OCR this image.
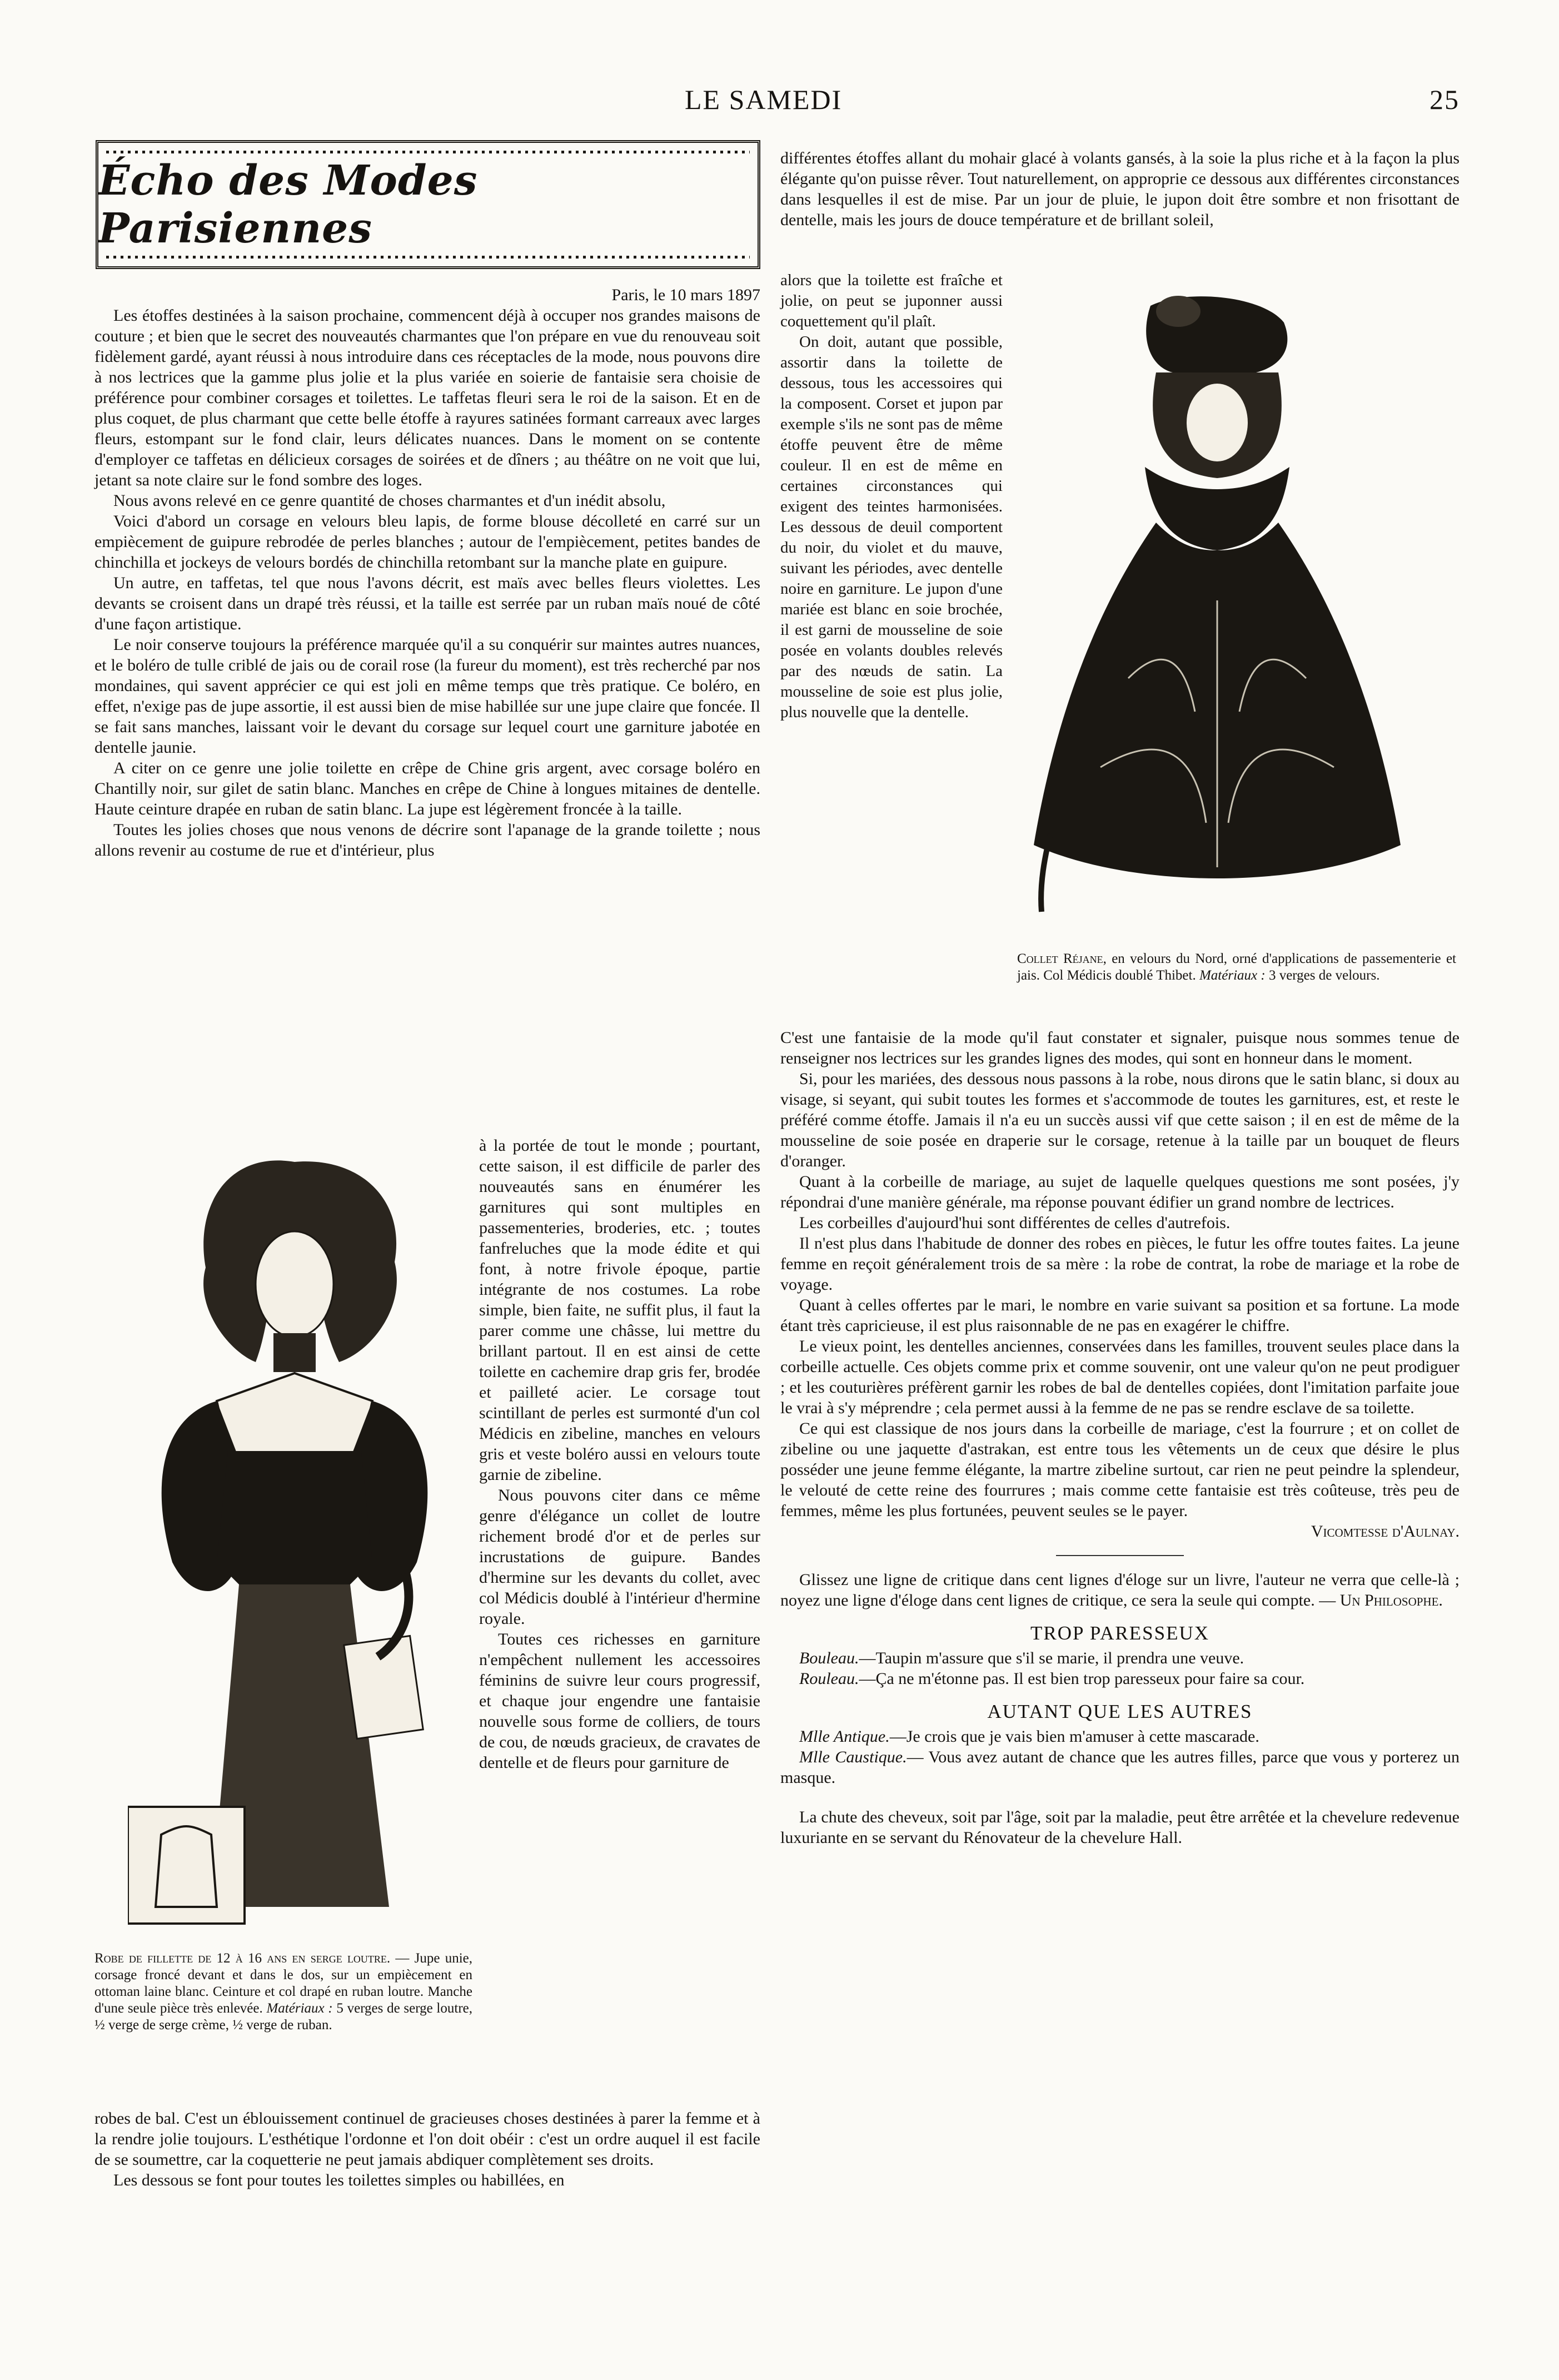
LE SAMEDI	25
Écho des Modes Parisiennes

Paris, le 10 mars 1897

Les étoffes destinées à la saison prochaine, commencent déjà à occuper nos grandes maisons de couture ; et bien que le secret des nouveautés charmantes que l'on prépare en vue du renouveau soit fidèlement gardé, ayant réussi à nous introduire dans ces réceptacles de la mode, nous pouvons dire à nos lectrices que la gamme plus jolie et la plus variée en soierie de fantaisie sera choisie de préférence pour combiner corsages et toilettes. Le taffetas fleuri sera le roi de la saison. Et en de plus coquet, de plus charmant que cette belle étoffe à rayures satinées formant carreaux avec larges fleurs, estompant sur le fond clair, leurs délicates nuances. Dans le moment on se contente d'employer ce taffetas en délicieux corsages de soirées et de dîners ; au théâtre on ne voit que lui, jetant sa note claire sur le fond sombre des loges.

Nous avons relevé en ce genre quantité de choses charmantes et d'un inédit absolu,

Voici d'abord un corsage en velours bleu lapis, de forme blouse décolleté en carré sur un empiècement de guipure rebrodée de perles blanches ; autour de l'empiècement, petites bandes de chinchilla et jockeys de velours bordés de chinchilla retombant sur la manche plate en guipure.

Un autre, en taffetas, tel que nous l'avons décrit, est maïs avec belles fleurs violettes. Les devants se croisent dans un drapé très réussi, et la taille est serrée par un ruban maïs noué de côté d'une façon artistique.

Le noir conserve toujours la préférence marquée qu'il a su conquérir sur maintes autres nuances, et le boléro de tulle criblé de jais ou de corail rose (la fureur du moment), est très recherché par nos mondaines, qui savent apprécier ce qui est joli en même temps que très pratique. Ce boléro, en effet, n'exige pas de jupe assortie, il est aussi bien de mise habillée sur une jupe claire que foncée. Il se fait sans manches, laissant voir le devant du corsage sur lequel court une garniture jabotée en dentelle jaunie.

A citer on ce genre une jolie toilette en crêpe de Chine gris argent, avec corsage boléro en Chantilly noir, sur gilet de satin blanc. Manches en crêpe de Chine à longues mitaines de dentelle. Haute ceinture drapée en ruban de satin blanc. La jupe est légèrement froncée à la taille.

Toutes les jolies choses que nous venons de décrire sont l'apanage de la grande toilette ; nous allons revenir au costume de rue et d'intérieur, plus

à la portée de tout le monde ; pourtant, cette saison, il est difficile de parler des nouveautés sans en énumérer les garnitures qui sont multiples en passementeries, broderies, etc. ; toutes fanfreluches que la mode édite et qui font, à notre frivole époque, partie intégrante de nos costumes. La robe simple, bien faite, ne suffit plus, il faut la parer comme une châsse, lui mettre du brillant partout. Il en est ainsi de cette toilette en cachemire drap gris fer, brodée et pailleté acier. Le corsage tout scintillant de perles est surmonté d'un col Médicis en zibeline, manches en velours gris et veste boléro aussi en velours toute garnie de zibeline.

Nous pouvons citer dans ce même genre d'élégance un collet de loutre richement brodé d'or et de perles sur incrustations de guipure. Bandes d'hermine sur les devants du collet, avec col Médicis doublé à l'intérieur d'hermine royale.

Toutes ces richesses en garniture n'empêchent nullement les accessoires féminins de suivre leur cours progressif, et chaque jour engendre une fantaisie nouvelle sous forme de colliers, de tours de cou, de nœuds gracieux, de cravates de dentelle et de fleurs pour garniture de

Robe de fillette de 12 à 16 ans en serge loutre. — Jupe unie, corsage froncé devant et dans le dos, sur un empiècement en ottoman laine blanc. Ceinture et col drapé en ruban loutre. Manche d'une seule pièce très enlevée. Matériaux : 5 verges de serge loutre, ½ verge de serge crème, ½ verge de ruban.

robes de bal. C'est un éblouissement continuel de gracieuses choses destinées à parer la femme et à la rendre jolie toujours. L'esthétique l'ordonne et l'on doit obéir : c'est un ordre auquel il est facile de se soumettre, car la coquetterie ne peut jamais abdiquer complètement ses droits.

Les dessous se font pour toutes les toilettes simples ou habillées, en

différentes étoffes allant du mohair glacé à volants gansés, à la soie la plus riche et à la façon la plus élégante qu'on puisse rêver. Tout naturellement, on approprie ce dessous aux différentes circonstances dans lesquelles il est de mise. Par un jour de pluie, le jupon doit être sombre et non frisottant de dentelle, mais les jours de douce température et de brillant soleil,

alors que la toilette est fraîche et jolie, on peut se juponner aussi coquettement qu'il plaît.

On doit, autant que possible, assortir dans la toilette de dessous, tous les accessoires qui la composent. Corset et jupon par exemple s'ils ne sont pas de même étoffe peuvent être de même couleur. Il en est de même en certaines circonstances qui exigent des teintes harmonisées. Les dessous de deuil comportent du noir, du violet et du mauve, suivant les périodes, avec dentelle noire en garniture. Le jupon d'une mariée est blanc en soie brochée, il est garni de mousseline de soie posée en volants doubles relevés par des nœuds de satin. La mousseline de soie est plus jolie, plus nouvelle que la dentelle.

Collet Réjane, en velours du Nord, orné d'applications de passementerie et jais. Col Médicis doublé Thibet. Matériaux : 3 verges de velours.

C'est une fantaisie de la mode qu'il faut constater et signaler, puisque nous sommes tenue de renseigner nos lectrices sur les grandes lignes des modes, qui sont en honneur dans le moment.

Si, pour les mariées, des dessous nous passons à la robe, nous dirons que le satin blanc, si doux au visage, si seyant, qui subit toutes les formes et s'accommode de toutes les garnitures, est, et reste le préféré comme étoffe. Jamais il n'a eu un succès aussi vif que cette saison ; il en est de même de la mousseline de soie posée en draperie sur le corsage, retenue à la taille par un bouquet de fleurs d'oranger.

Quant à la corbeille de mariage, au sujet de laquelle quelques questions me sont posées, j'y répondrai d'une manière générale, ma réponse pouvant édifier un grand nombre de lectrices.

Les corbeilles d'aujourd'hui sont différentes de celles d'autrefois.

Il n'est plus dans l'habitude de donner des robes en pièces, le futur les offre toutes faites. La jeune femme en reçoit généralement trois de sa mère : la robe de contrat, la robe de mariage et la robe de voyage.

Quant à celles offertes par le mari, le nombre en varie suivant sa position et sa fortune. La mode étant très capricieuse, il est plus raisonnable de ne pas en exagérer le chiffre.

Le vieux point, les dentelles anciennes, conservées dans les familles, trouvent seules place dans la corbeille actuelle. Ces objets comme prix et comme souvenir, ont une valeur qu'on ne peut prodiguer ; et les couturières préfèrent garnir les robes de bal de dentelles copiées, dont l'imitation parfaite joue le vrai à s'y méprendre ; cela permet aussi à la femme de ne pas se rendre esclave de sa toilette.

Ce qui est classique de nos jours dans la corbeille de mariage, c'est la fourrure ; et on collet de zibeline ou une jaquette d'astrakan, est entre tous les vêtements un de ceux que désire le plus posséder une jeune femme élégante, la martre zibeline surtout, car rien ne peut peindre la splendeur, le velouté de cette reine des fourrures ; mais comme cette fantaisie est très coûteuse, très peu de femmes, même les plus fortunées, peuvent seules se le payer.

Vicomtesse d'Aulnay.

Glissez une ligne de critique dans cent lignes d'éloge sur un livre, l'auteur ne verra que celle-là ; noyez une ligne d'éloge dans cent lignes de critique, ce sera la seule qui compte. — Un Philosophe.

TROP PARESSEUX

Bouleau.—Taupin m'assure que s'il se marie, il prendra une veuve.

Rouleau.—Ça ne m'étonne pas. Il est bien trop paresseux pour faire sa cour.

AUTANT QUE LES AUTRES

Mlle Antique.—Je crois que je vais bien m'amuser à cette mascarade.

Mlle Caustique.— Vous avez autant de chance que les autres filles, parce que vous y porterez un masque.

La chute des cheveux, soit par l'âge, soit par la maladie, peut être arrêtée et la chevelure redevenue luxuriante en se servant du Rénovateur de la chevelure Hall.
